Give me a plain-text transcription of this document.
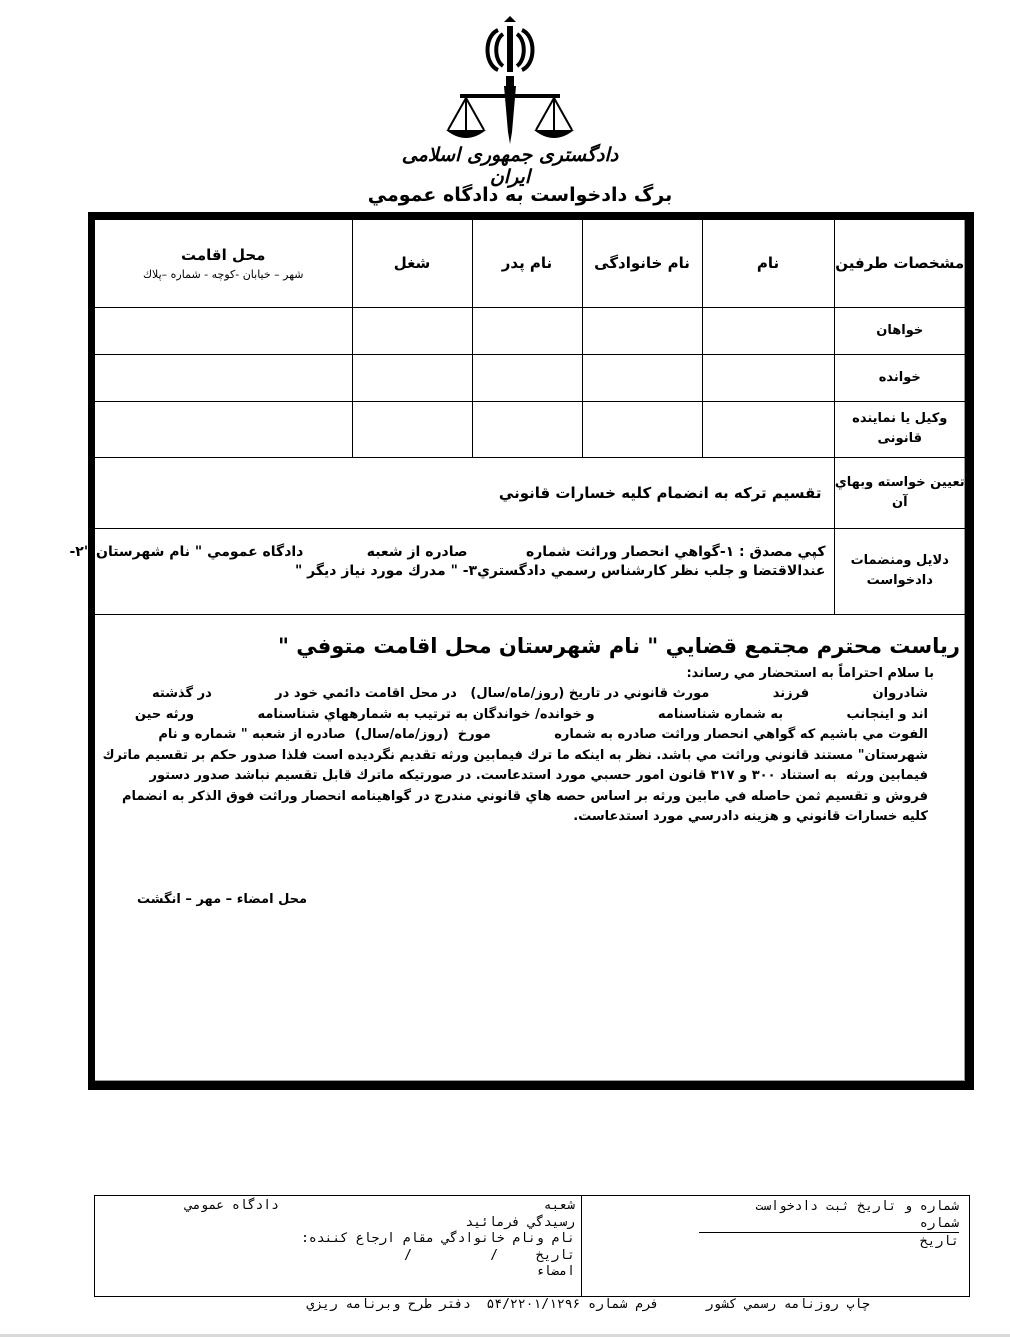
دادگستری جمهوری اسلامی ایران
برگ دادخواست به دادگاه عمومي
مشخصات طرفين	نام	نام خانوادگی	نام پدر	شغل	محل اقامت
شهر – خيابان -كوچه - شماره –پلاك

خواهان					
خوانده					
وكيل يا نماينده قانونی					
تعيين خواسته وبهاي آن	تقسيم تركه به انضمام كليه خسارات قانوني				
دلايل ومنضمات دادخواست	كپي مصدق : ۱-گواهي انحصار وراثت شماره            صادره از شعبه             دادگاه عمومي " نام شهرستان "۲-
عندالاقتضا و جلب نظر كارشناس رسمي دادگستري۳- " مدرك مورد نياز ديگر "				
رياست محترم مجتمع قضايي " نام شهرستان محل اقامت متوفي "
با سلام احتراماً به استحضار مي رساند:

شادروان              فرزند              مورث قانوني در تاريخ (روز/ماه/سال)   در محل اقامت دائمي خود در              در گذشته

اند و اينجانب              به شماره شناسنامه              و خوانده/ خواندگان به ترتيب به شمارههاي شناسنامه              ورثه حين

الفوت مي باشيم كه گواهي انحصار وراثت صادره به شماره              مورخ  (روز/ماه/سال)  صادره از شعبه " شماره و نام

شهرستان" مستند قانوني وراثت مي باشد. نظر به اينكه ما ترك فيمابين ورثه تقديم نگرديده است فلذا صدور حكم بر تقسيم ماترك

فيمابين ورثه  به استناد ۳۰۰ و ۳۱۷ قانون امور حسبي مورد استدعاست. در صورتيكه ماترك قابل تقسيم نباشد صدور دستور

فروش و تقسيم ثمن حاصله في مابين ورثه بر اساس حصه هاي قانوني مندرج در گواهينامه انحصار وراثت فوق الذكر به انضمام

كليه خسارات قانوني و هزينه دادرسي مورد استدعاست.

محل امضاء – مهر – انگشت
شماره و تاريخ ثبت دادخواست
شماره
تاريخ
شعبه
دادگاه عمومي
رسيدگي فرمائيد
نام ونام خانوادگي مقام ارجاع كننده:
تاريخ /          /
امضاء
چاپ روزنامه رسمي كشور      فرم شماره ۵۴/۲۲۰۱/۱۲۹۶  دفتر طرح وبرنامه ريزي
